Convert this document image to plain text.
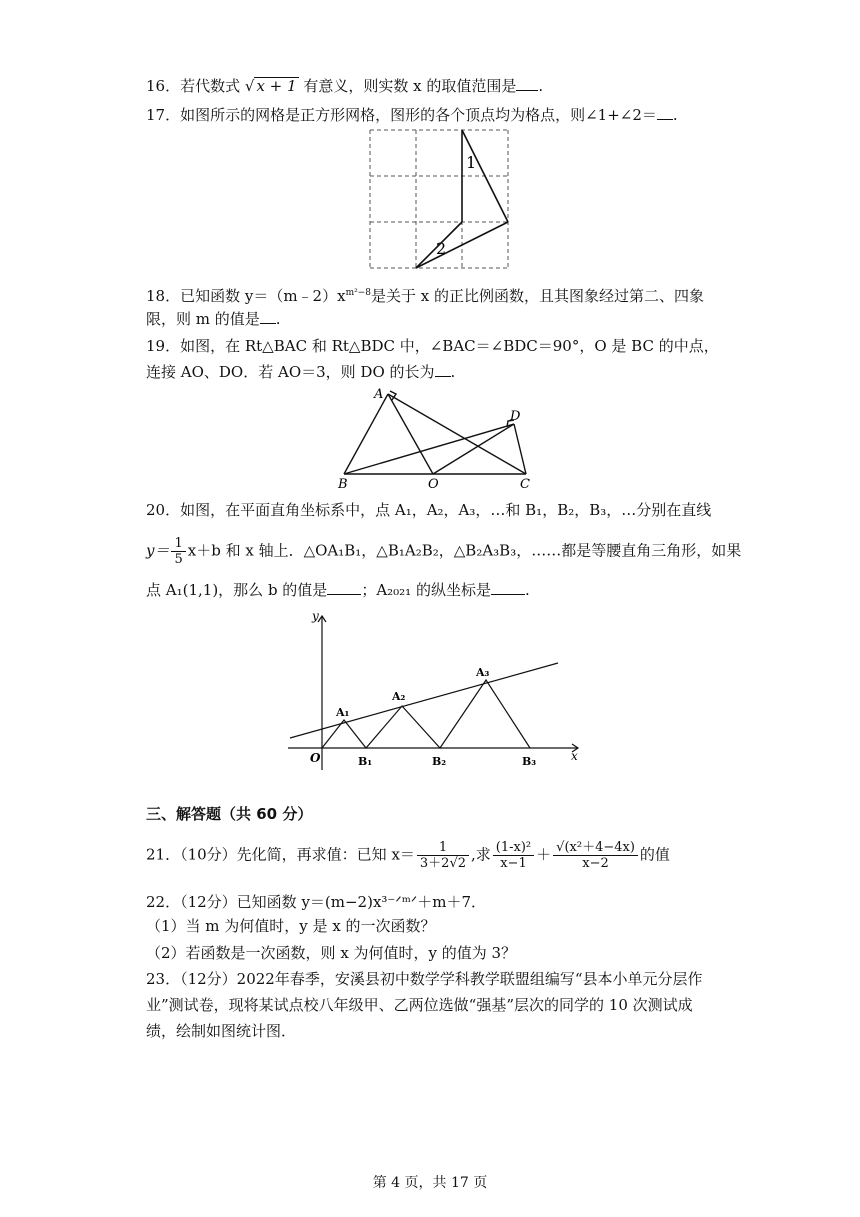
16．若代数式 √ x + 1 有意义，则实数 x 的取值范围是 .
17．如图所示的网格是正方形网格，图形的各个顶点均为格点，则∠1+∠2＝ .
1
2
18．已知函数 $y=(m﹣2)x^{m^2-8}$是关于 x 的正比例函数，且其图象经过第二、四象
限，则 m 的值是 .
19．如图，在 Rt△BAC 和 Rt△BDC 中，∠BAC＝∠BDC＝90°，O 是 BC 的中点，
连接 AO、DO．若 AO＝3，则 DO 的长为 .
A
B	O	C
D
20．如图，在平面直角坐标系中，点 A₁，A₂，A₃，…和 B₁，B₂，B₃，…分别在直线
$y= \frac{1}{5} x+b$ 和 x 轴上．△OA₁B₁，△B₁A₂B₂，△B₂A₃B₃，……都是等腰直角三角形，如果
点 A₁(1,1)，那么 b 的值是 ；A₂₀₂₁ 的纵坐标是 .
y
x
O
A₁
A₂
A₃
B₁	B₂	B₃
三、解答题（共 60 分）
21．（10分）先化简，再求值：已知 $x= \frac{1}{3+2√2}$ ,求 $\frac{\text{(1-x)²}}{x-1} + \frac{\text{√(x²＋4−4x)}}{x-2}$ 的值
22．（12分）已知函数 y＝(m−2)x³⁻ᐟᵐᐟ＋m＋7．
（1）当 m 为何值时，y 是 x 的一次函数？
（2）若函数是一次函数，则 x 为何值时，y 的值为 3？
23．（12分）2022年春季，安溪县初中数学学科教学联盟组编写“县本小单元分层作
业”测试卷，现将某试点校八年级甲、乙两位选做“强基”层次的同学的 10 次测试成
绩，绘制如图统计图．
第 4 页，共 17 页
